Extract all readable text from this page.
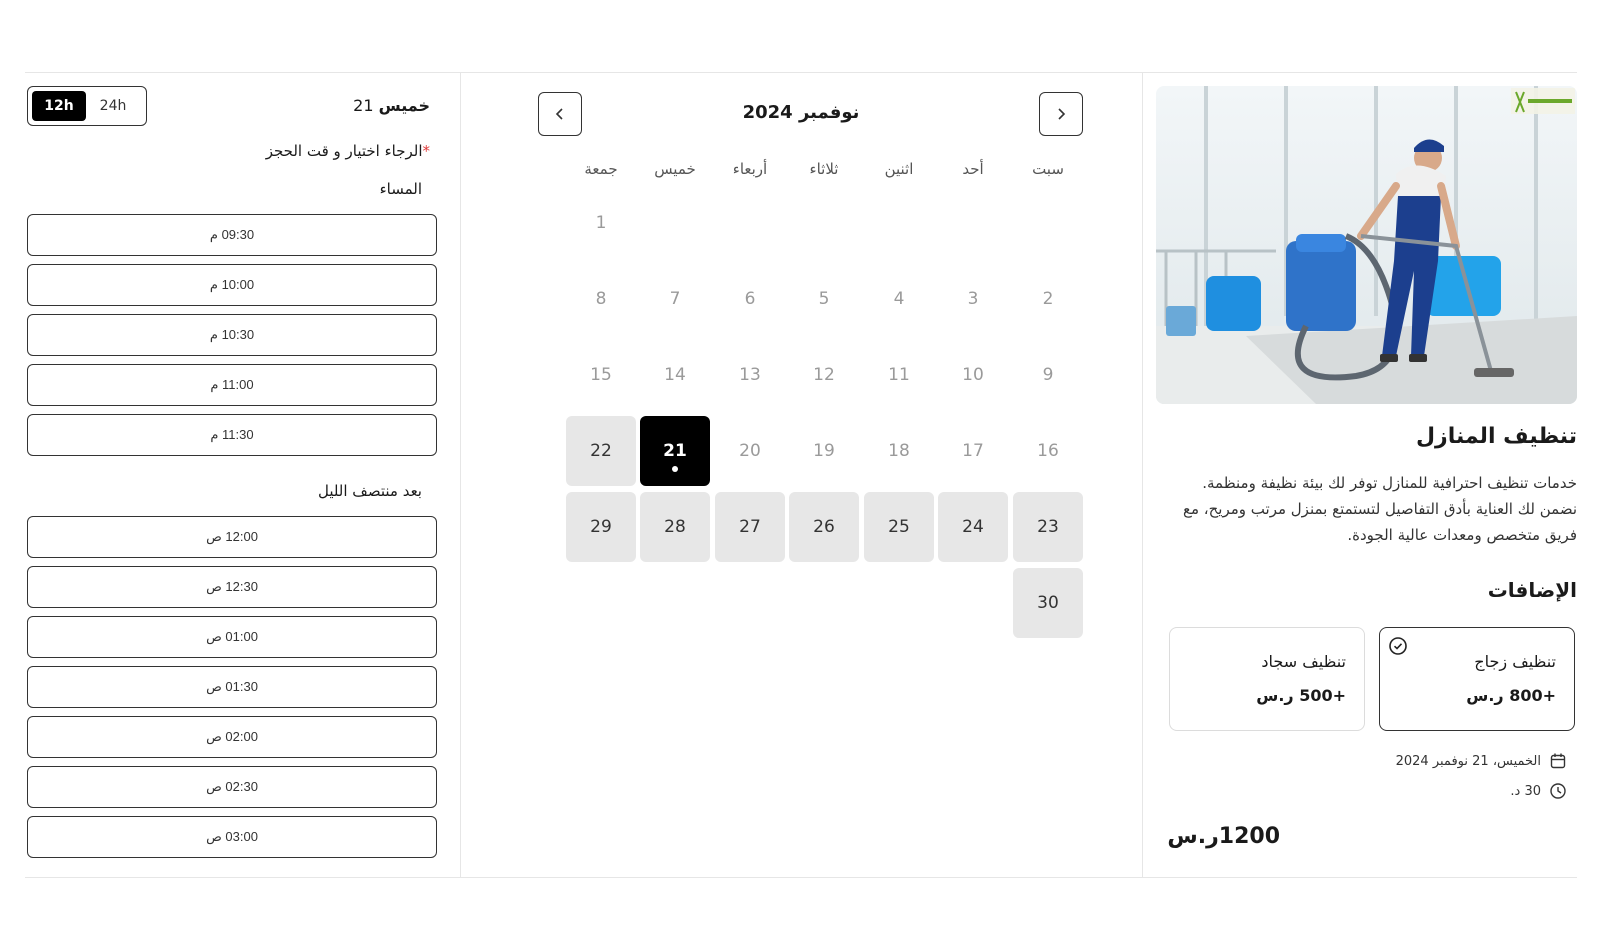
تنظيف المنازل

خدمات تنظيف احترافية للمنازل توفر لك بيئة نظيفة ومنظمة. نضمن لك العناية بأدق التفاصيل لتستمتع بمنزل مرتب ومريح، مع فريق متخصص ومعدات عالية الجودة.

الإضافات
تنظيف زجاج
+800 ر.س
تنظيف سجاد
+500 ر.س
الخميس، 21 نوفمبر 2024
30 د.
1200ر.س
نوفمبر 2024
سبت
أحد
اثنين
ثلاثاء
أربعاء
خميس
جمعة
1
2
3
4
5
6
7
8
9
10
11
12
13
14
15
16
17
18
19
20
21
22
23
24
25
26
27
28
29
30
12h	24h	خميس 21
*الرجاء اختيار و قت الحجز
المساء
09:30 م
10:00 م
10:30 م
11:00 م
11:30 م
بعد منتصف الليل
12:00 ص
12:30 ص
01:00 ص
01:30 ص
02:00 ص
02:30 ص
03:00 ص
